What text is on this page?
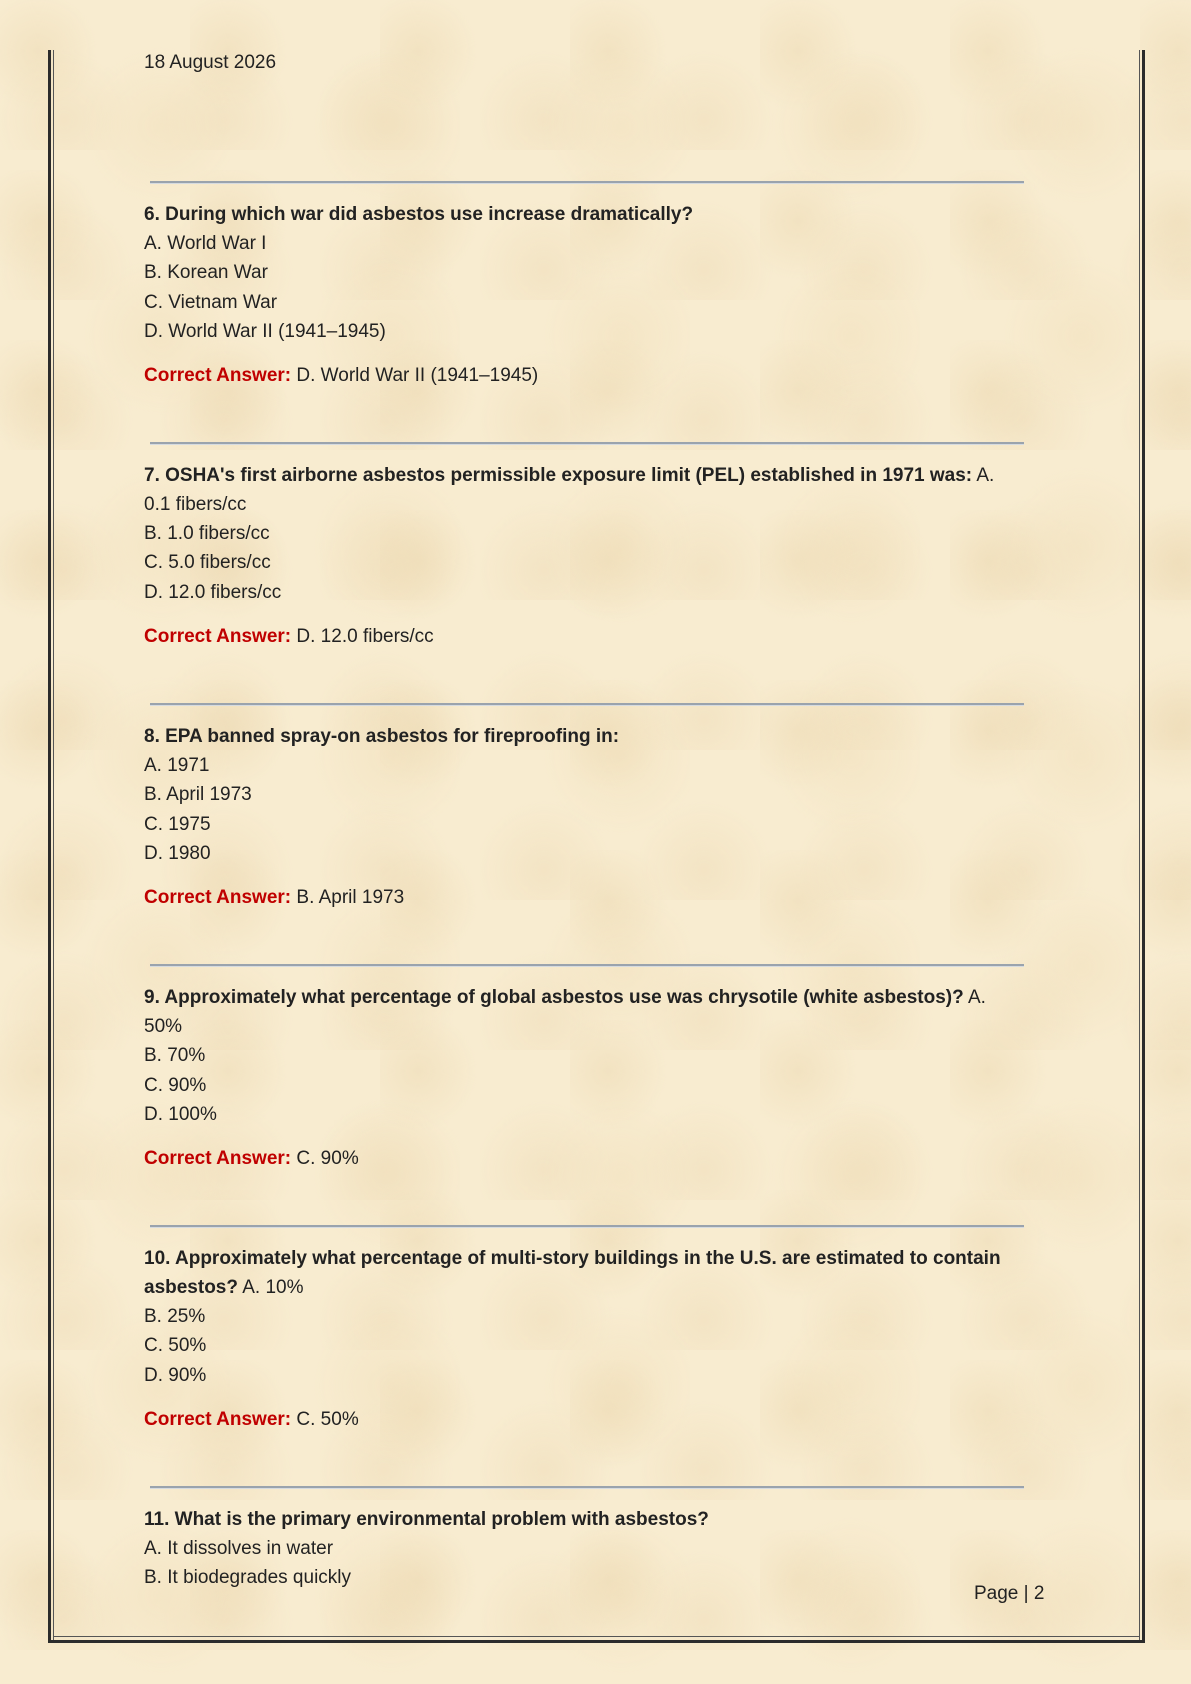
18 August 2026
6. During which war did asbestos use increase dramatically?
A. World War I
B. Korean War
C. Vietnam War
D. World War II (1941–1945)
Correct Answer: D. World War II (1941–1945)
7. OSHA's first airborne asbestos permissible exposure limit (PEL) established in 1971 was: A. 0.1 fibers/cc
B. 1.0 fibers/cc
C. 5.0 fibers/cc
D. 12.0 fibers/cc
Correct Answer: D. 12.0 fibers/cc
8. EPA banned spray-on asbestos for fireproofing in:
A. 1971
B. April 1973
C. 1975
D. 1980
Correct Answer: B. April 1973
9. Approximately what percentage of global asbestos use was chrysotile (white asbestos)? A. 50%
B. 70%
C. 90%
D. 100%
Correct Answer: C. 90%
10. Approximately what percentage of multi-story buildings in the U.S. are estimated to contain asbestos? A. 10%
B. 25%
C. 50%
D. 90%
Correct Answer: C. 50%
11. What is the primary environmental problem with asbestos?
A. It dissolves in water
B. It biodegrades quickly
Page | 2
